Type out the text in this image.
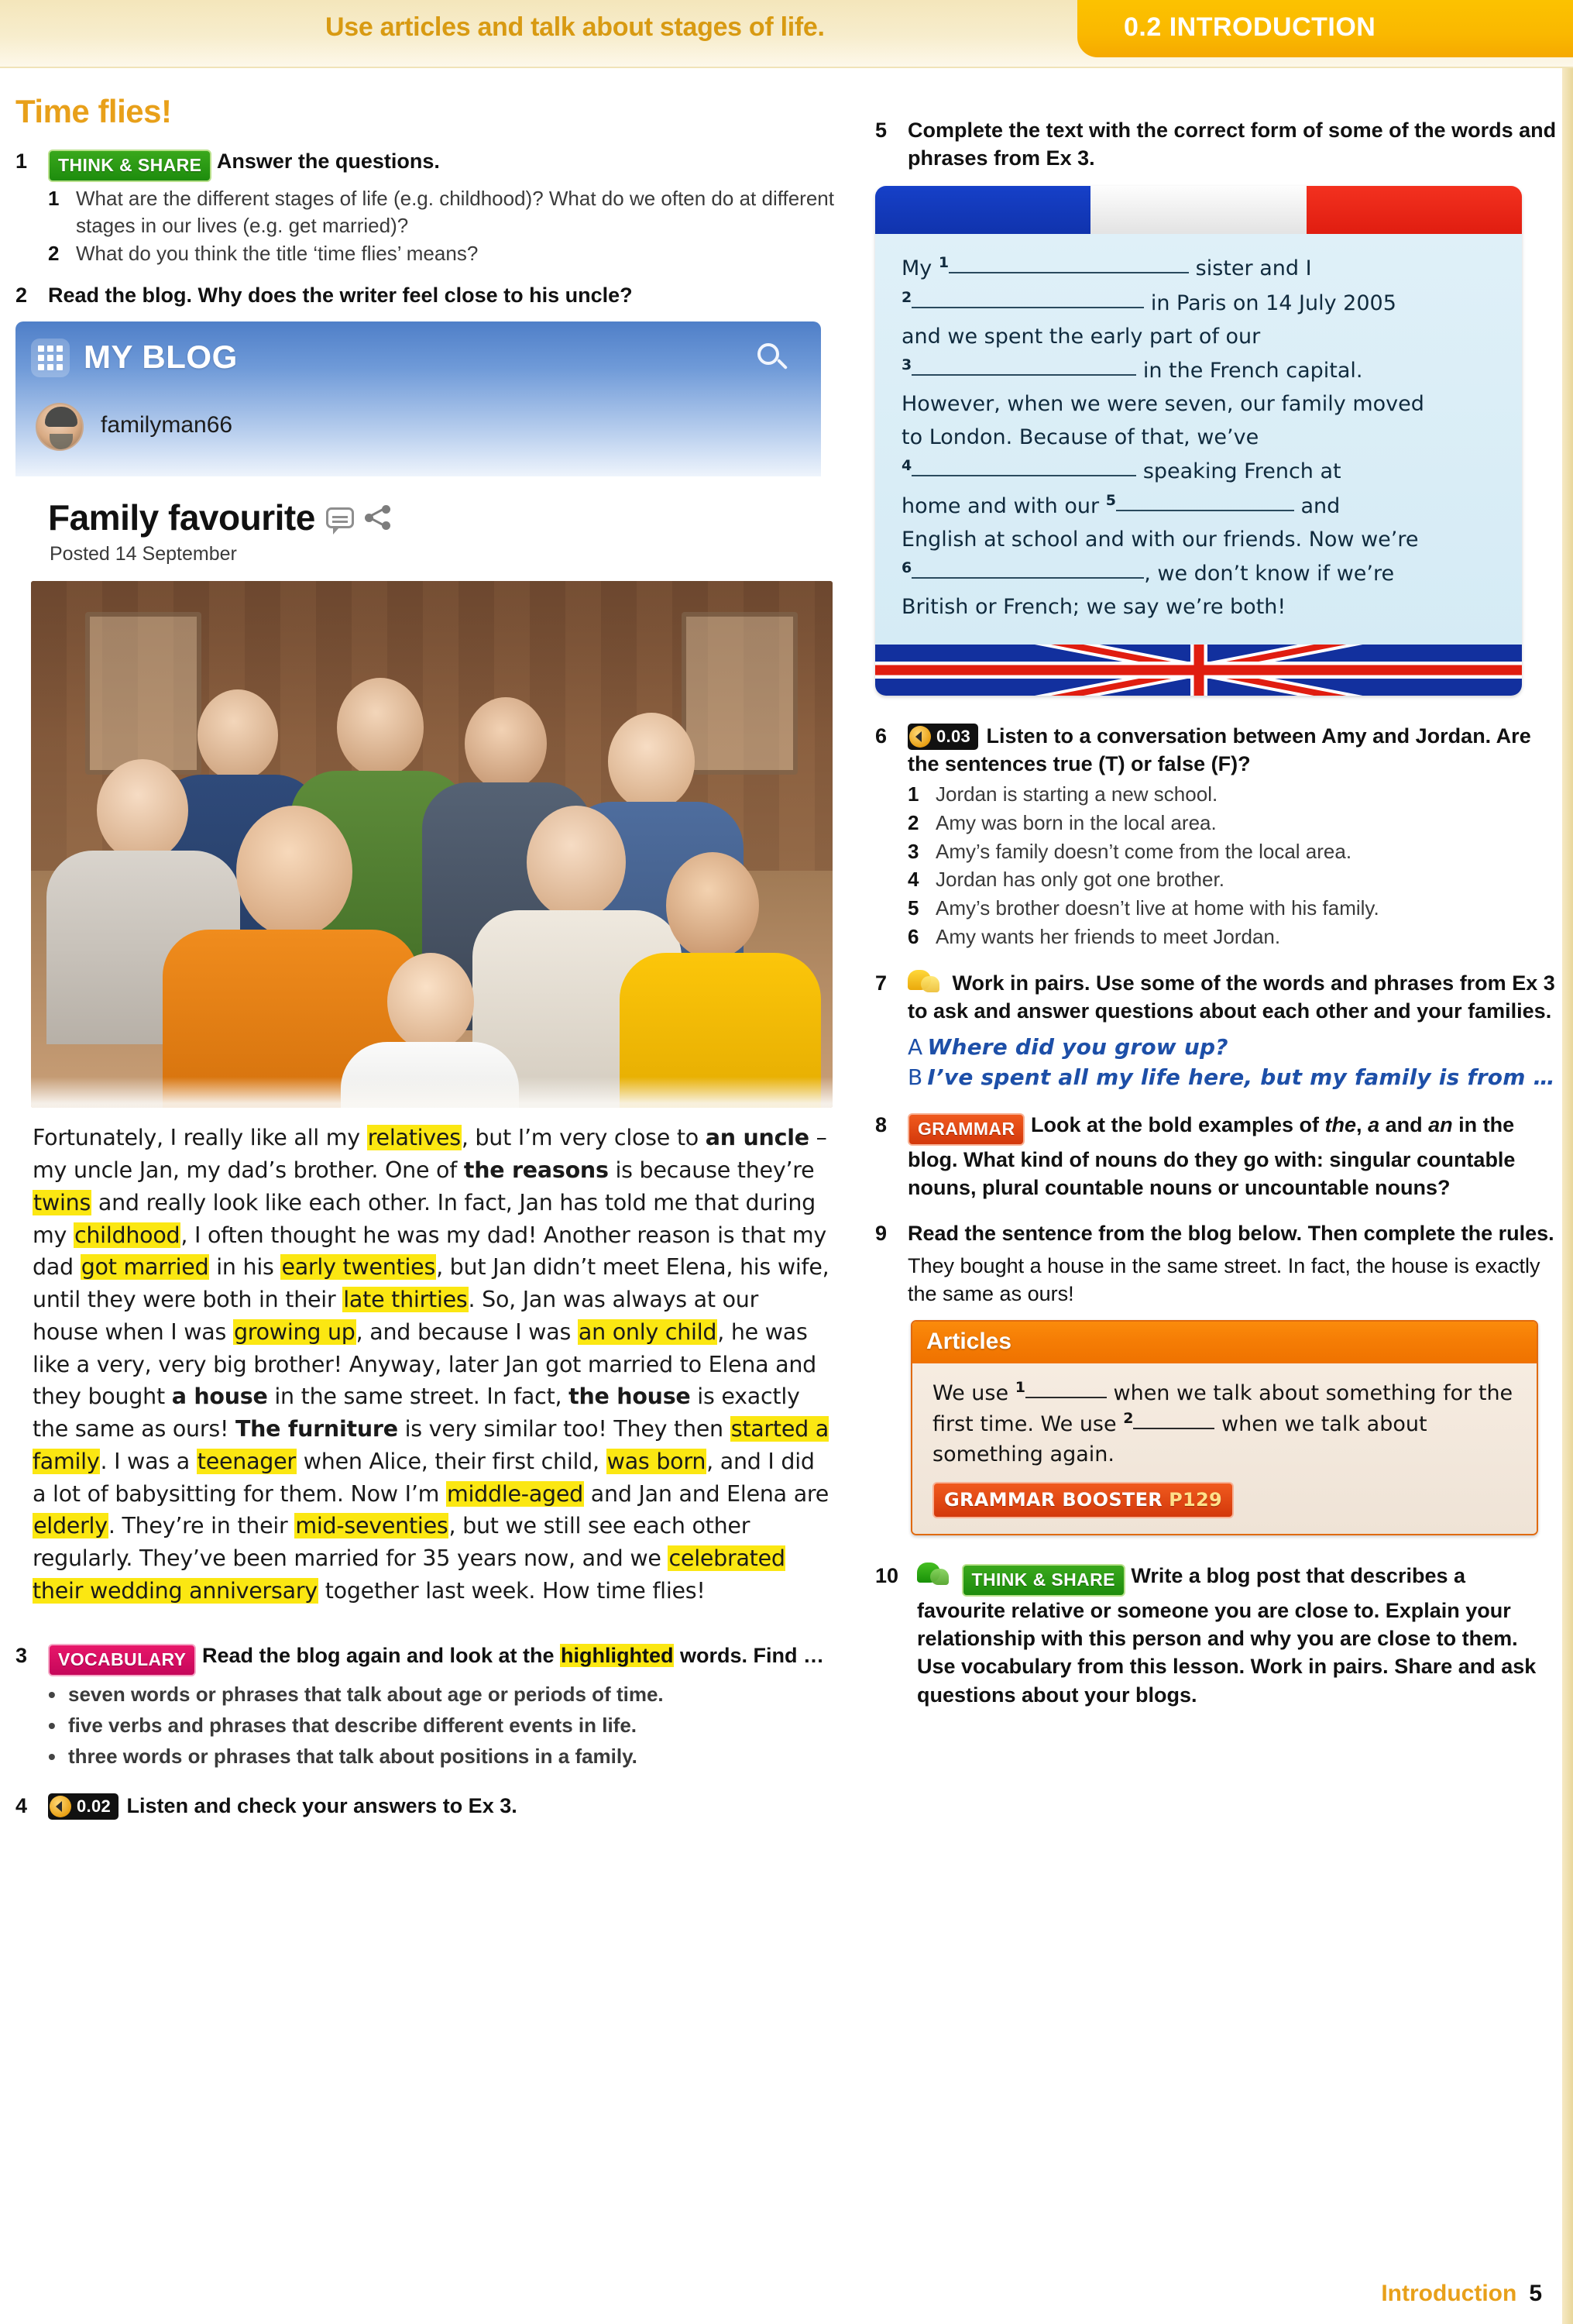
Use articles and talk about stages of life.	0.2 INTRODUCTION
Time flies!
1	THINK & SHARE Answer the questions.
1 What are the different stages of life (e.g. childhood)? What do we often do at different stages in our lives (e.g. get married)?
2 What do you think the title ‘time flies’ means?
2 Read the blog. Why does the writer feel close to his uncle?
MY BLOG
familyman66
Family favourite
Posted 14 September
Fortunately, I really like all my relatives, but I’m very close to an uncle – my uncle Jan, my dad’s brother. One of the reasons is because they’re twins and really look like each other. In fact, Jan has told me that during my childhood, I often thought he was my dad! Another reason is that my dad got married in his early twenties, but Jan didn’t meet Elena, his wife, until they were both in their late thirties. So, Jan was always at our house when I was growing up, and because I was an only child, he was like a very, very big brother! Anyway, later Jan got married to Elena and they bought a house in the same street. In fact, the house is exactly the same as ours! The furniture is very similar too! They then started a family. I was a teenager when Alice, their first child, was born, and I did a lot of babysitting for them. Now I’m middle-aged and Jan and Elena are elderly. They’re in their mid-seventies, but we still see each other regularly. They’ve been married for 35 years now, and we celebrated their wedding anniversary together last week. How time flies!
3	VOCABULARY Read the blog again and look at the highlighted words. Find …
• seven words or phrases that talk about age or periods of time.
• five verbs and phrases that describe different events in life.
• three words or phrases that talk about positions in a family.
4	0.02 Listen and check your answers to Ex 3.
5 Complete the text with the correct form of some of the words and phrases from Ex 3.
My $^1$	sister and I
$^2$	in Paris on 14 July 2005
and we spent the early part of our
$^3$	in the French capital.
However, when we were seven, our family moved
to London. Because of that, we’ve
$^4$	speaking French at
home and with our $^5$	and
English at school and with our friends. Now we’re
$^6$	, we don’t know if we’re
British or French; we say we’re both!
6	0.03 Listen to a conversation between Amy and Jordan. Are the sentences true (T) or false (F)?
1 Jordan is starting a new school.
2 Amy was born in the local area.
3 Amy’s family doesn’t come from the local area.
4 Jordan has only got one brother.
5 Amy’s brother doesn’t live at home with his family.
6 Amy wants her friends to meet Jordan.
7	Work in pairs. Use some of the words and phrases from Ex 3 to ask and answer questions about each other and your families.
A Where did you grow up?
B I’ve spent all my life here, but my family is from …
8	GRAMMAR Look at the bold examples of the, a and an in the blog. What kind of nouns do they go with: singular countable nouns, plural countable nouns or uncountable nouns?
9 Read the sentence from the blog below. Then complete the rules.
They bought a house in the same street. In fact, the house is exactly the same as ours!
Articles
We use $^1$	when we talk about something for the first time. We use $^2$	when we talk about something again.
GRAMMAR BOOSTER P129
10	THINK & SHARE Write a blog post that describes a favourite relative or someone you are close to. Explain your relationship with this person and why you are close to them. Use vocabulary from this lesson. Work in pairs. Share and ask questions about your blogs.
Introduction 5
